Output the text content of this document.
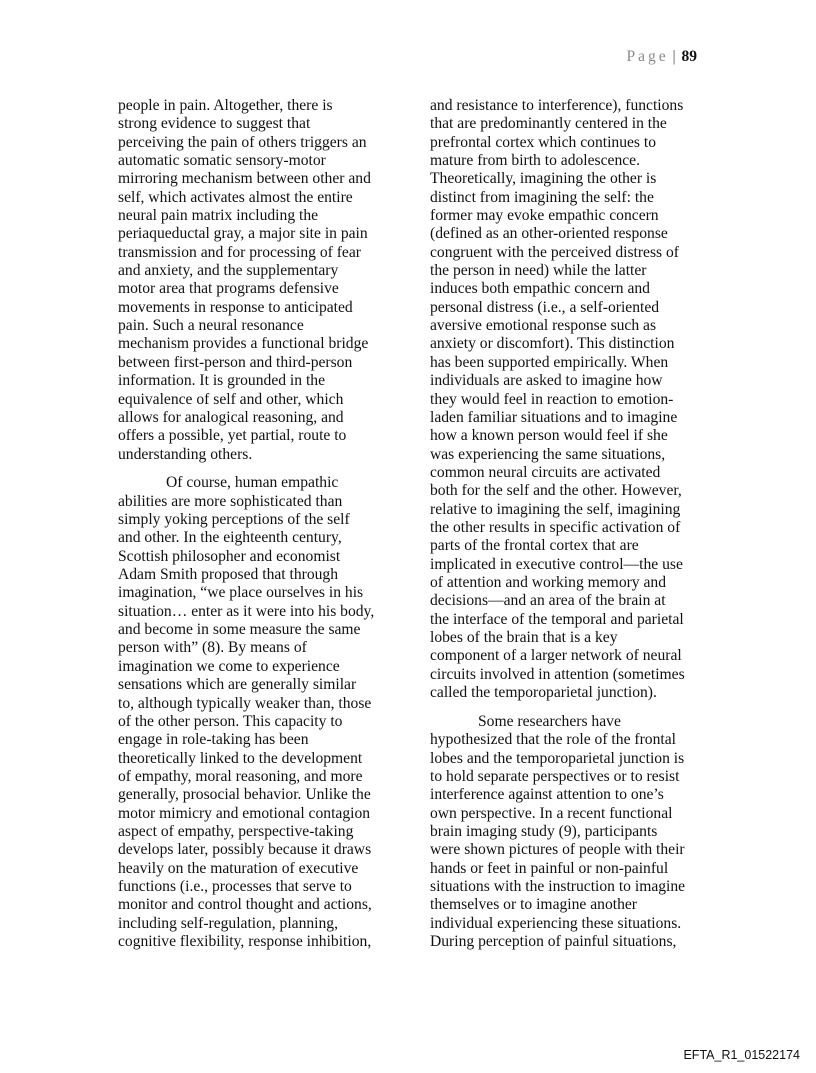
Page | 89
people in pain. Altogether, there is
strong evidence to suggest that
perceiving the pain of others triggers an
automatic somatic sensory-motor
mirroring mechanism between other and
self, which activates almost the entire
neural pain matrix including the
periaqueductal gray, a major site in pain
transmission and for processing of fear
and anxiety, and the supplementary
motor area that programs defensive
movements in response to anticipated
pain. Such a neural resonance
mechanism provides a functional bridge
between first-person and third-person
information. It is grounded in the
equivalence of self and other, which
allows for analogical reasoning, and
offers a possible, yet partial, route to
understanding others.
Of course, human empathic
abilities are more sophisticated than
simply yoking perceptions of the self
and other. In the eighteenth century,
Scottish philosopher and economist
Adam Smith proposed that through
imagination, “we place ourselves in his
situation… enter as it were into his body,
and become in some measure the same
person with” (8). By means of
imagination we come to experience
sensations which are generally similar
to, although typically weaker than, those
of the other person. This capacity to
engage in role-taking has been
theoretically linked to the development
of empathy, moral reasoning, and more
generally, prosocial behavior. Unlike the
motor mimicry and emotional contagion
aspect of empathy, perspective-taking
develops later, possibly because it draws
heavily on the maturation of executive
functions (i.e., processes that serve to
monitor and control thought and actions,
including self-regulation, planning,
cognitive flexibility, response inhibition,
and resistance to interference), functions
that are predominantly centered in the
prefrontal cortex which continues to
mature from birth to adolescence.
Theoretically, imagining the other is
distinct from imagining the self: the
former may evoke empathic concern
(defined as an other-oriented response
congruent with the perceived distress of
the person in need) while the latter
induces both empathic concern and
personal distress (i.e., a self-oriented
aversive emotional response such as
anxiety or discomfort). This distinction
has been supported empirically. When
individuals are asked to imagine how
they would feel in reaction to emotion-
laden familiar situations and to imagine
how a known person would feel if she
was experiencing the same situations,
common neural circuits are activated
both for the self and the other. However,
relative to imagining the self, imagining
the other results in specific activation of
parts of the frontal cortex that are
implicated in executive control—the use
of attention and working memory and
decisions—and an area of the brain at
the interface of the temporal and parietal
lobes of the brain that is a key
component of a larger network of neural
circuits involved in attention (sometimes
called the temporoparietal junction).
Some researchers have
hypothesized that the role of the frontal
lobes and the temporoparietal junction is
to hold separate perspectives or to resist
interference against attention to one’s
own perspective. In a recent functional
brain imaging study (9), participants
were shown pictures of people with their
hands or feet in painful or non-painful
situations with the instruction to imagine
themselves or to imagine another
individual experiencing these situations.
During perception of painful situations,
EFTA_R1_01522174
